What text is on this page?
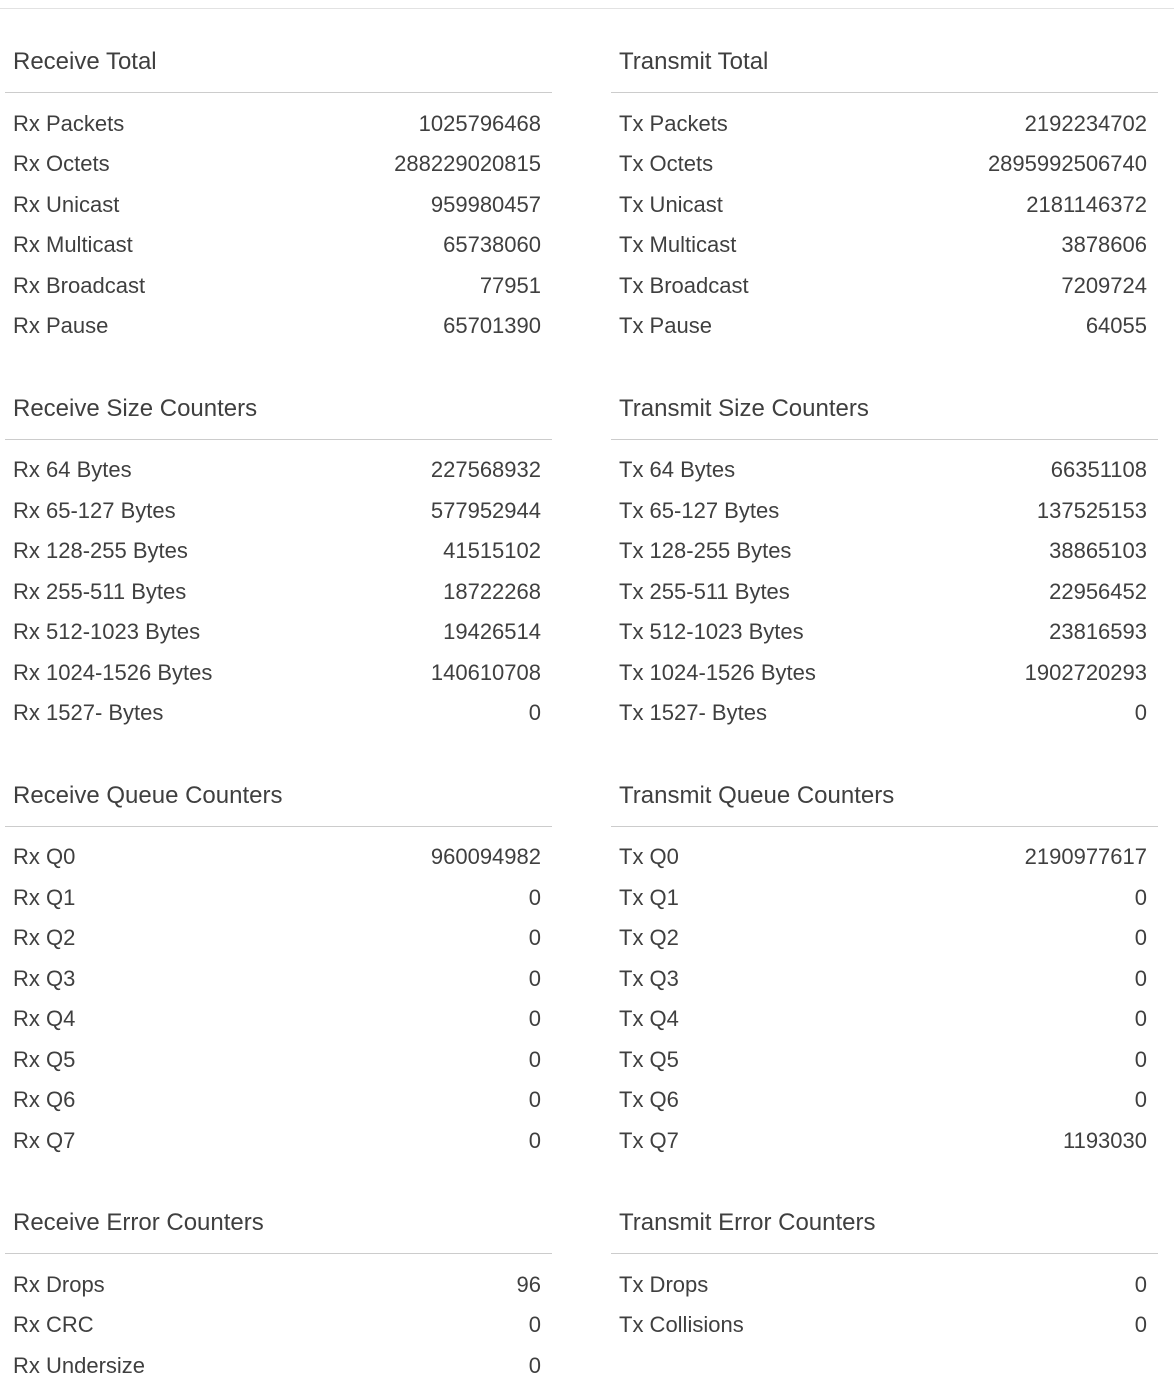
Receive Total
Rx Packets	1025796468
Rx Octets	288229020815
Rx Unicast	959980457
Rx Multicast	65738060
Rx Broadcast	77951
Rx Pause	65701390
Transmit Total
Tx Packets	2192234702
Tx Octets	2895992506740
Tx Unicast	2181146372
Tx Multicast	3878606
Tx Broadcast	7209724
Tx Pause	64055
Receive Size Counters
Rx 64 Bytes	227568932
Rx 65-127 Bytes	577952944
Rx 128-255 Bytes	41515102
Rx 255-511 Bytes	18722268
Rx 512-1023 Bytes	19426514
Rx 1024-1526 Bytes	140610708
Rx 1527- Bytes	0
Transmit Size Counters
Tx 64 Bytes	66351108
Tx 65-127 Bytes	137525153
Tx 128-255 Bytes	38865103
Tx 255-511 Bytes	22956452
Tx 512-1023 Bytes	23816593
Tx 1024-1526 Bytes	1902720293
Tx 1527- Bytes	0
Receive Queue Counters
Rx Q0	960094982
Rx Q1	0
Rx Q2	0
Rx Q3	0
Rx Q4	0
Rx Q5	0
Rx Q6	0
Rx Q7	0
Transmit Queue Counters
Tx Q0	2190977617
Tx Q1	0
Tx Q2	0
Tx Q3	0
Tx Q4	0
Tx Q5	0
Tx Q6	0
Tx Q7	1193030
Receive Error Counters
Rx Drops	96
Rx CRC	0
Rx Undersize	0
Transmit Error Counters
Tx Drops	0
Tx Collisions	0
